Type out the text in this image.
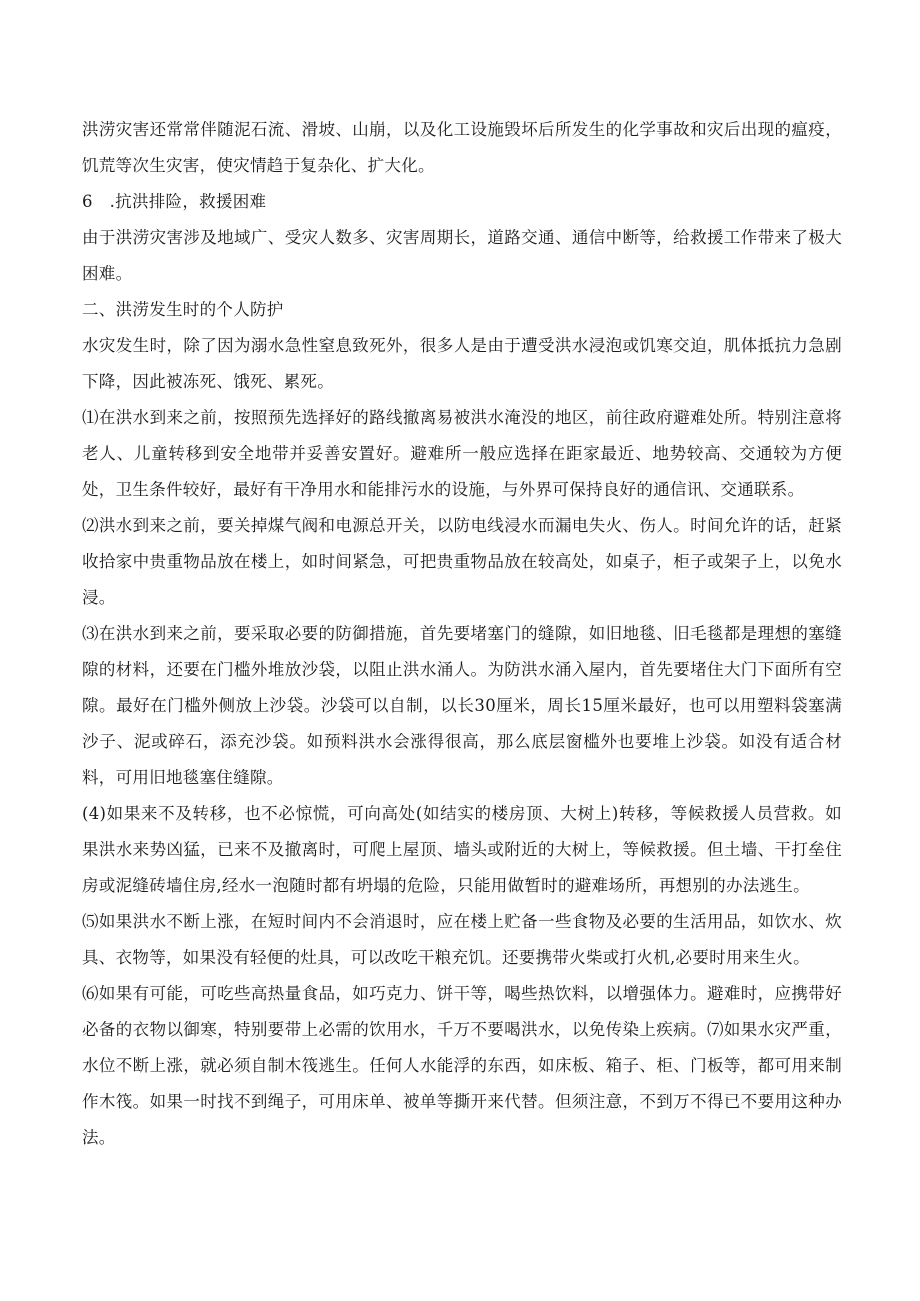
洪涝灾害还常常伴随泥石流、滑坡、山崩，以及化工设施毁坏后所发生的化学事故和灾后出现的瘟疫，饥荒等次生灾害，使灾情趋于复杂化、扩大化。

6 .抗洪排险，救援困难

由于洪涝灾害涉及地域广、受灾人数多、灾害周期长，道路交通、通信中断等，给救援工作带来了极大困难。

二、洪涝发生时的个人防护

水灾发生时，除了因为溺水急性窒息致死外，很多人是由于遭受洪水浸泡或饥寒交迫，肌体抵抗力急剧下降，因此被冻死、饿死、累死。

⑴在洪水到来之前，按照预先选择好的路线撤离易被洪水淹没的地区，前往政府避难处所。特别注意将老人、儿童转移到安全地带并妥善安置好。避难所一般应选择在距家最近、地势较高、交通较为方便处，卫生条件较好，最好有干净用水和能排污水的设施，与外界可保持良好的通信讯、交通联系。

⑵洪水到来之前，要关掉煤气阀和电源总开关，以防电线浸水而漏电失火、伤人。时间允许的话，赶紧收拾家中贵重物品放在楼上，如时间紧急，可把贵重物品放在较高处，如桌子，柜子或架子上，以免水浸。

⑶在洪水到来之前，要采取必要的防御措施，首先要堵塞门的缝隙，如旧地毯、旧毛毯都是理想的塞缝隙的材料，还要在门槛外堆放沙袋，以阻止洪水涌人。为防洪水涌入屋内，首先要堵住大门下面所有空隙。最好在门槛外侧放上沙袋。沙袋可以自制，以长30厘米，周长15厘米最好，也可以用塑料袋塞满沙子、泥或碎石，添充沙袋。如预料洪水会涨得很高，那么底层窗槛外也要堆上沙袋。如没有适合材料，可用旧地毯塞住缝隙。

(4)如果来不及转移，也不必惊慌，可向高处(如结实的楼房顶、大树上)转移，等候救援人员营救。如果洪水来势凶猛，已来不及撤离时，可爬上屋顶、墙头或附近的大树上，等候救援。但土墙、干打垒住房或泥缝砖墙住房,经水一泡随时都有坍塌的危险，只能用做暂时的避难场所，再想别的办法逃生。

⑸如果洪水不断上涨，在短时间内不会消退时，应在楼上贮备一些食物及必要的生活用品，如饮水、炊具、衣物等，如果没有轻便的灶具，可以改吃干粮充饥。还要携带火柴或打火机,必要时用来生火。

⑹如果有可能，可吃些高热量食品，如巧克力、饼干等，喝些热饮料，以增强体力。避难时，应携带好必备的衣物以御寒，特别要带上必需的饮用水，千万不要喝洪水，以免传染上疾病。⑺如果水灾严重，水位不断上涨，就必须自制木筏逃生。任何人水能浮的东西，如床板、箱子、柜、门板等，都可用来制作木筏。如果一时找不到绳子，可用床单、被单等撕开来代替。但须注意，不到万不得已不要用这种办法。
